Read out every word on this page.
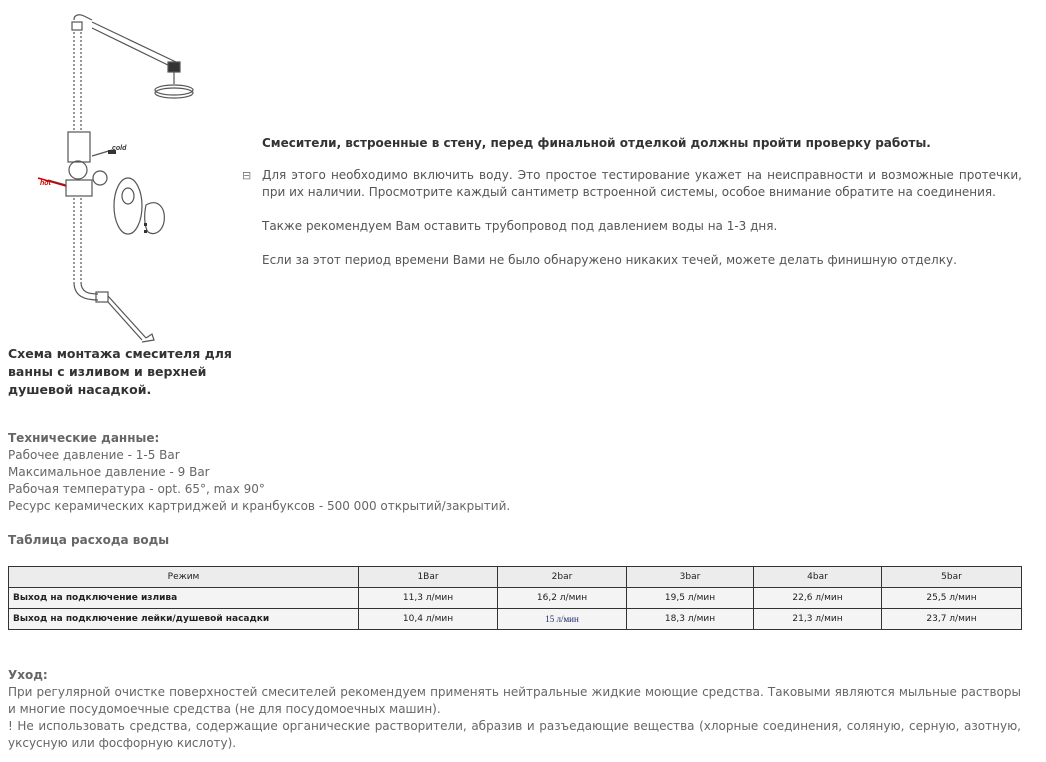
cold
hot
Схема монтажа смесителя для ванны с изливом и верхней душевой насадкой.
⊟

Смесители, встроенные в стену, перед финальной отделкой должны пройти проверку работы.

Для этого необходимо включить воду. Это простое тестирование укажет на неисправности и возможные протечки, при их наличии. Просмотрите каждый сантиметр встроенной системы, особое внимание обратите на соединения.

Также рекомендуем Вам оставить трубопровод под давлением воды на 1-3 дня.

Если за этот период времени Вами не было обнаружено никаких течей, можете делать финишную отделку.

Технические данные:
Рабочее давление - 1-5 Bar
Максимальное давление - 9 Bar
Рабочая температура - opt. 65°, max 90°
Ресурс керамических картриджей и кранбуксов - 500 000 открытий/закрытий.
Таблица расхода воды
Режим	1Bar	2bar	3bar	4bar	5bar
Выход на подключение излива	11,3 л/мин	16,2 л/мин	19,5 л/мин	22,6 л/мин	25,5 л/мин
Выход на подключение лейки/душевой насадки	10,4 л/мин	15 л/мин	18,3 л/мин	21,3 л/мин	23,7 л/мин
Уход:

При регулярной очистке поверхностей смесителей рекомендуем применять нейтральные жидкие моющие средства. Таковыми являются мыльные растворы и многие посудомоечные средства (не для посудомоечных машин).

! Не использовать средства, содержащие органические растворители, абразив и разъедающие вещества (хлорные соединения, соляную, серную, азотную, уксусную или фосфорную кислоту).
